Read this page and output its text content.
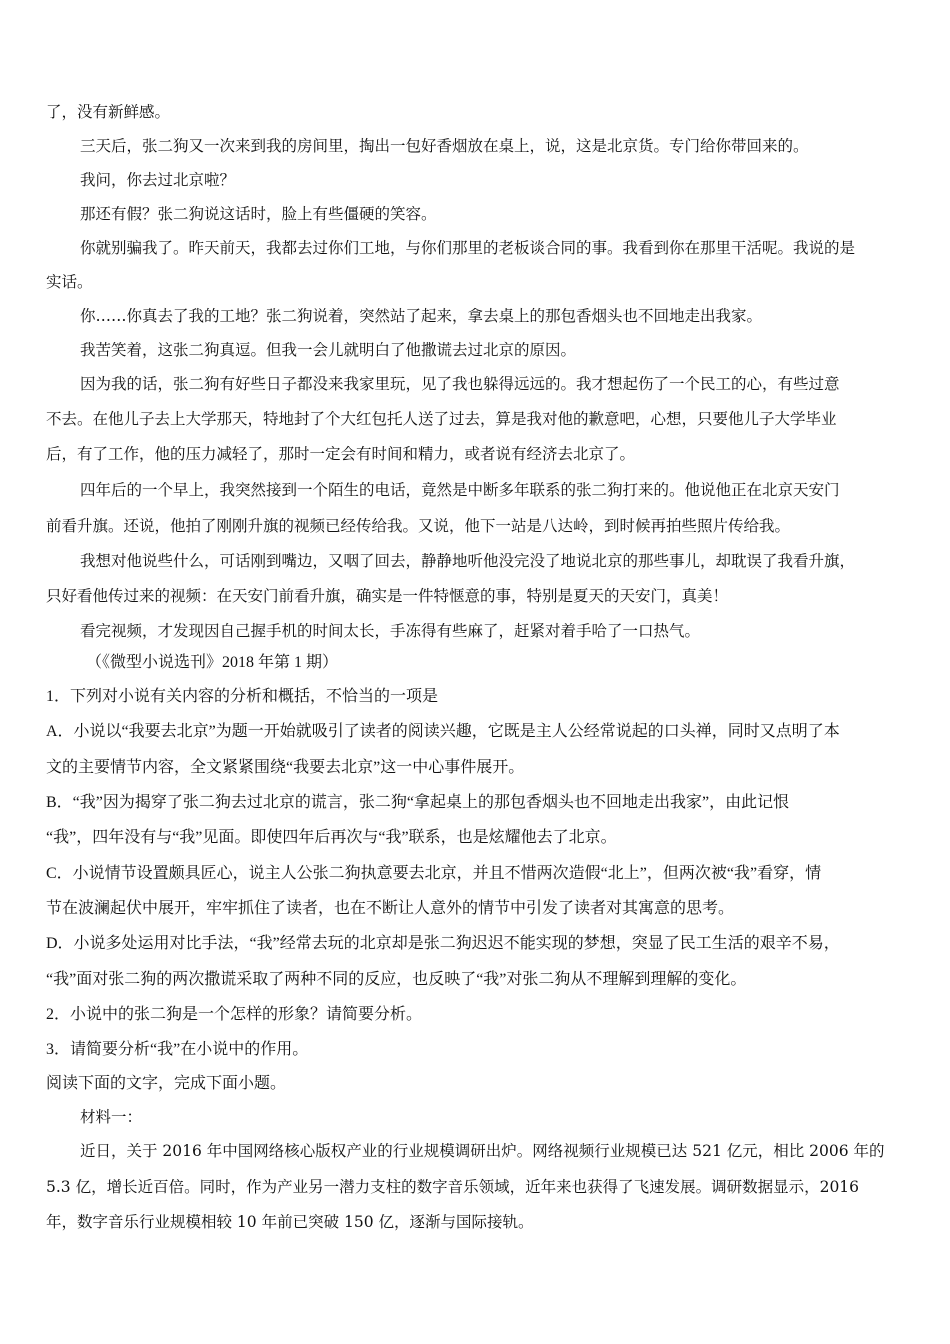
了，没有新鲜感。
三天后，张二狗又一次来到我的房间里，掏出一包好香烟放在桌上，说，这是北京货。专门给你带回来的。
我问，你去过北京啦？
那还有假？张二狗说这话时，脸上有些僵硬的笑容。
你就别骗我了。昨天前天，我都去过你们工地，与你们那里的老板谈合同的事。我看到你在那里干活呢。我说的是
实话。
你……你真去了我的工地？张二狗说着，突然站了起来，拿去桌上的那包香烟头也不回地走出我家。
我苦笑着，这张二狗真逗。但我一会儿就明白了他撒谎去过北京的原因。
因为我的话，张二狗有好些日子都没来我家里玩，见了我也躲得远远的。我才想起伤了一个民工的心，有些过意
不去。在他儿子去上大学那天，特地封了个大红包托人送了过去，算是我对他的歉意吧，心想，只要他儿子大学毕业
后，有了工作，他的压力减轻了，那时一定会有时间和精力，或者说有经济去北京了。
四年后的一个早上，我突然接到一个陌生的电话，竟然是中断多年联系的张二狗打来的。他说他正在北京天安门
前看升旗。还说，他拍了刚刚升旗的视频已经传给我。又说，他下一站是八达岭，到时候再拍些照片传给我。
我想对他说些什么，可话刚到嘴边，又咽了回去，静静地听他没完没了地说北京的那些事儿，却耽误了我看升旗，
只好看他传过来的视频：在天安门前看升旗，确实是一件特惬意的事，特别是夏天的天安门，真美！
看完视频，才发现因自己握手机的时间太长，手冻得有些麻了，赶紧对着手哈了一口热气。
（《微型小说选刊》2018 年第 1 期）
1．下列对小说有关内容的分析和概括，不恰当的一项是
A．小说以“我要去北京”为题一开始就吸引了读者的阅读兴趣，它既是主人公经常说起的口头禅，同时又点明了本
文的主要情节内容，全文紧紧围绕“我要去北京”这一中心事件展开。
B．“我”因为揭穿了张二狗去过北京的谎言，张二狗“拿起桌上的那包香烟头也不回地走出我家”，由此记恨
“我”，四年没有与“我”见面。即使四年后再次与“我”联系，也是炫耀他去了北京。
C．小说情节设置颇具匠心，说主人公张二狗执意要去北京，并且不惜两次造假“北上”，但两次被“我”看穿，情
节在波澜起伏中展开，牢牢抓住了读者，也在不断让人意外的情节中引发了读者对其寓意的思考。
D．小说多处运用对比手法，“我”经常去玩的北京却是张二狗迟迟不能实现的梦想，突显了民工生活的艰辛不易，
“我”面对张二狗的两次撒谎采取了两种不同的反应，也反映了“我”对张二狗从不理解到理解的变化。
2．小说中的张二狗是一个怎样的形象？请简要分析。
3．请简要分析“我”在小说中的作用。
阅读下面的文字，完成下面小题。
材料一：
近日，关于 2016 年中国网络核心版权产业的行业规模调研出炉。网络视频行业规模已达 521 亿元，相比 2006 年的
5.3 亿，增长近百倍。同时，作为产业另一潜力支柱的数字音乐领域，近年来也获得了飞速发展。调研数据显示，2016
年，数字音乐行业规模相较 10 年前已突破 150 亿，逐渐与国际接轨。
